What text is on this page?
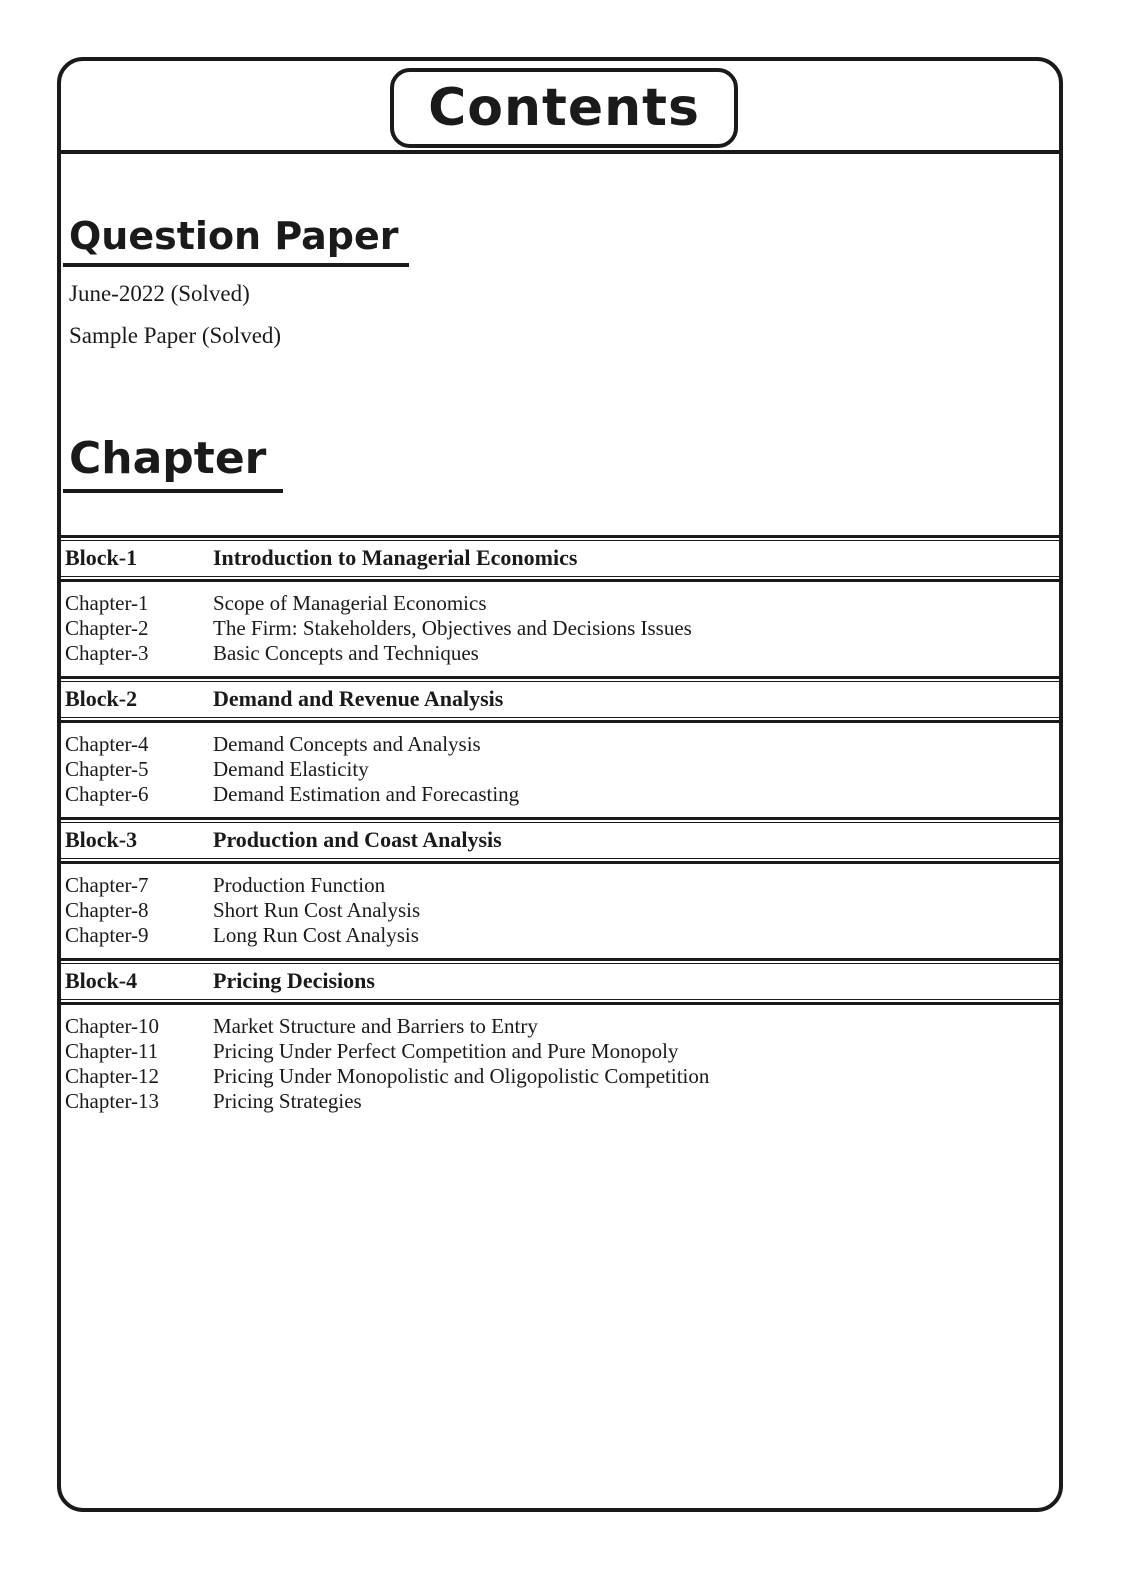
Contents
Question Paper
June-2022 (Solved)
Sample Paper (Solved)
Chapter
Block-1	Introduction to Managerial Economics
Chapter-1	Scope of Managerial Economics
Chapter-2	The Firm: Stakeholders, Objectives and Decisions Issues
Chapter-3	Basic Concepts and Techniques
Block-2	Demand and Revenue Analysis
Chapter-4	Demand Concepts and Analysis
Chapter-5	Demand Elasticity
Chapter-6	Demand Estimation and Forecasting
Block-3	Production and Coast Analysis
Chapter-7	Production Function
Chapter-8	Short Run Cost Analysis
Chapter-9	Long Run Cost Analysis
Block-4	Pricing Decisions
Chapter-10	Market Structure and Barriers to Entry
Chapter-11	Pricing Under Perfect Competition and Pure Monopoly
Chapter-12	Pricing Under Monopolistic and Oligopolistic Competition
Chapter-13	Pricing Strategies
